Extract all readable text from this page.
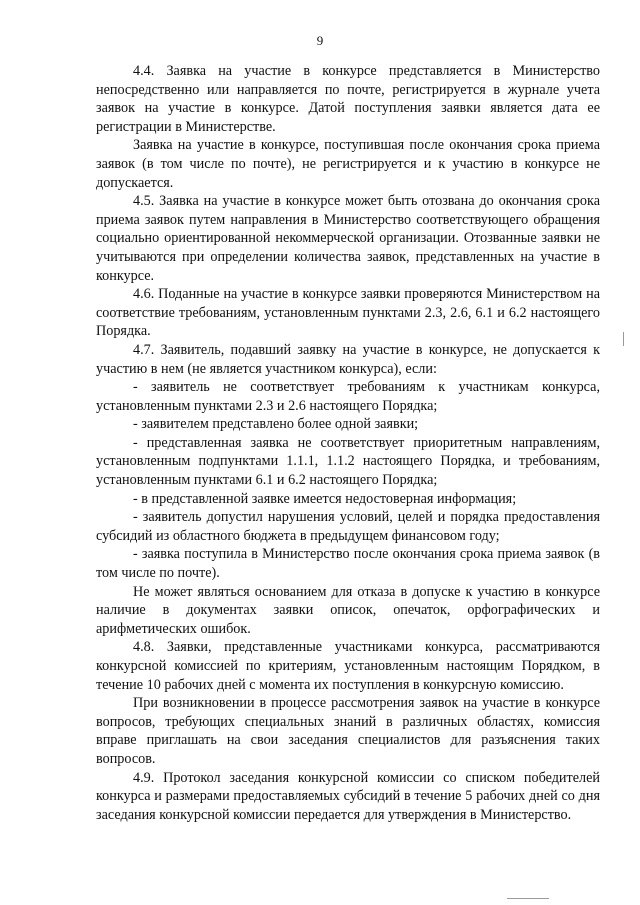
9

4.4. Заявка на участие в конкурсе представляется в Министерство непосредственно или направляется по почте, регистрируется в журнале учета заявок на участие в конкурсе. Датой поступления заявки является дата ее регистрации в Министерстве.

Заявка на участие в конкурсе, поступившая после окончания срока приема заявок (в том числе по почте), не регистрируется и к участию в конкурсе не допускается.

4.5. Заявка на участие в конкурсе может быть отозвана до окончания срока приема заявок путем направления в Министерство соответствующего обращения социально ориентированной некоммерческой организации. Отозванные заявки не учитываются при определении количества заявок, представленных на участие в конкурсе.

4.6. Поданные на участие в конкурсе заявки проверяются Министерством на соответствие требованиям, установленным пунктами 2.3, 2.6, 6.1 и 6.2 настоящего Порядка.

4.7. Заявитель, подавший заявку на участие в конкурсе, не допускается к участию в нем (не является участником конкурса), если:

- заявитель не соответствует требованиям к участникам конкурса, установленным пунктами 2.3 и 2.6 настоящего Порядка;

- заявителем представлено более одной заявки;

- представленная заявка не соответствует приоритетным направлениям, установленным подпунктами 1.1.1, 1.1.2 настоящего Порядка, и требованиям, установленным пунктами 6.1 и 6.2 настоящего Порядка;

- в представленной заявке имеется недостоверная информация;

- заявитель допустил нарушения условий, целей и порядка предоставления субсидий из областного бюджета в предыдущем финансовом году;

- заявка поступила в Министерство после окончания срока приема заявок (в том числе по почте).

Не может являться основанием для отказа в допуске к участию в конкурсе наличие в документах заявки описок, опечаток, орфографических и арифметических ошибок.

4.8. Заявки, представленные участниками конкурса, рассматриваются конкурсной комиссией по критериям, установленным настоящим Порядком, в течение 10 рабочих дней с момента их поступления в конкурсную комиссию.

При возникновении в процессе рассмотрения заявок на участие в конкурсе вопросов, требующих специальных знаний в различных областях, комиссия вправе приглашать на свои заседания специалистов для разъяснения таких вопросов.

4.9. Протокол заседания конкурсной комиссии со списком победителей конкурса и размерами предоставляемых субсидий в течение 5 рабочих дней со дня заседания конкурсной комиссии передается для утверждения в Министерство.
